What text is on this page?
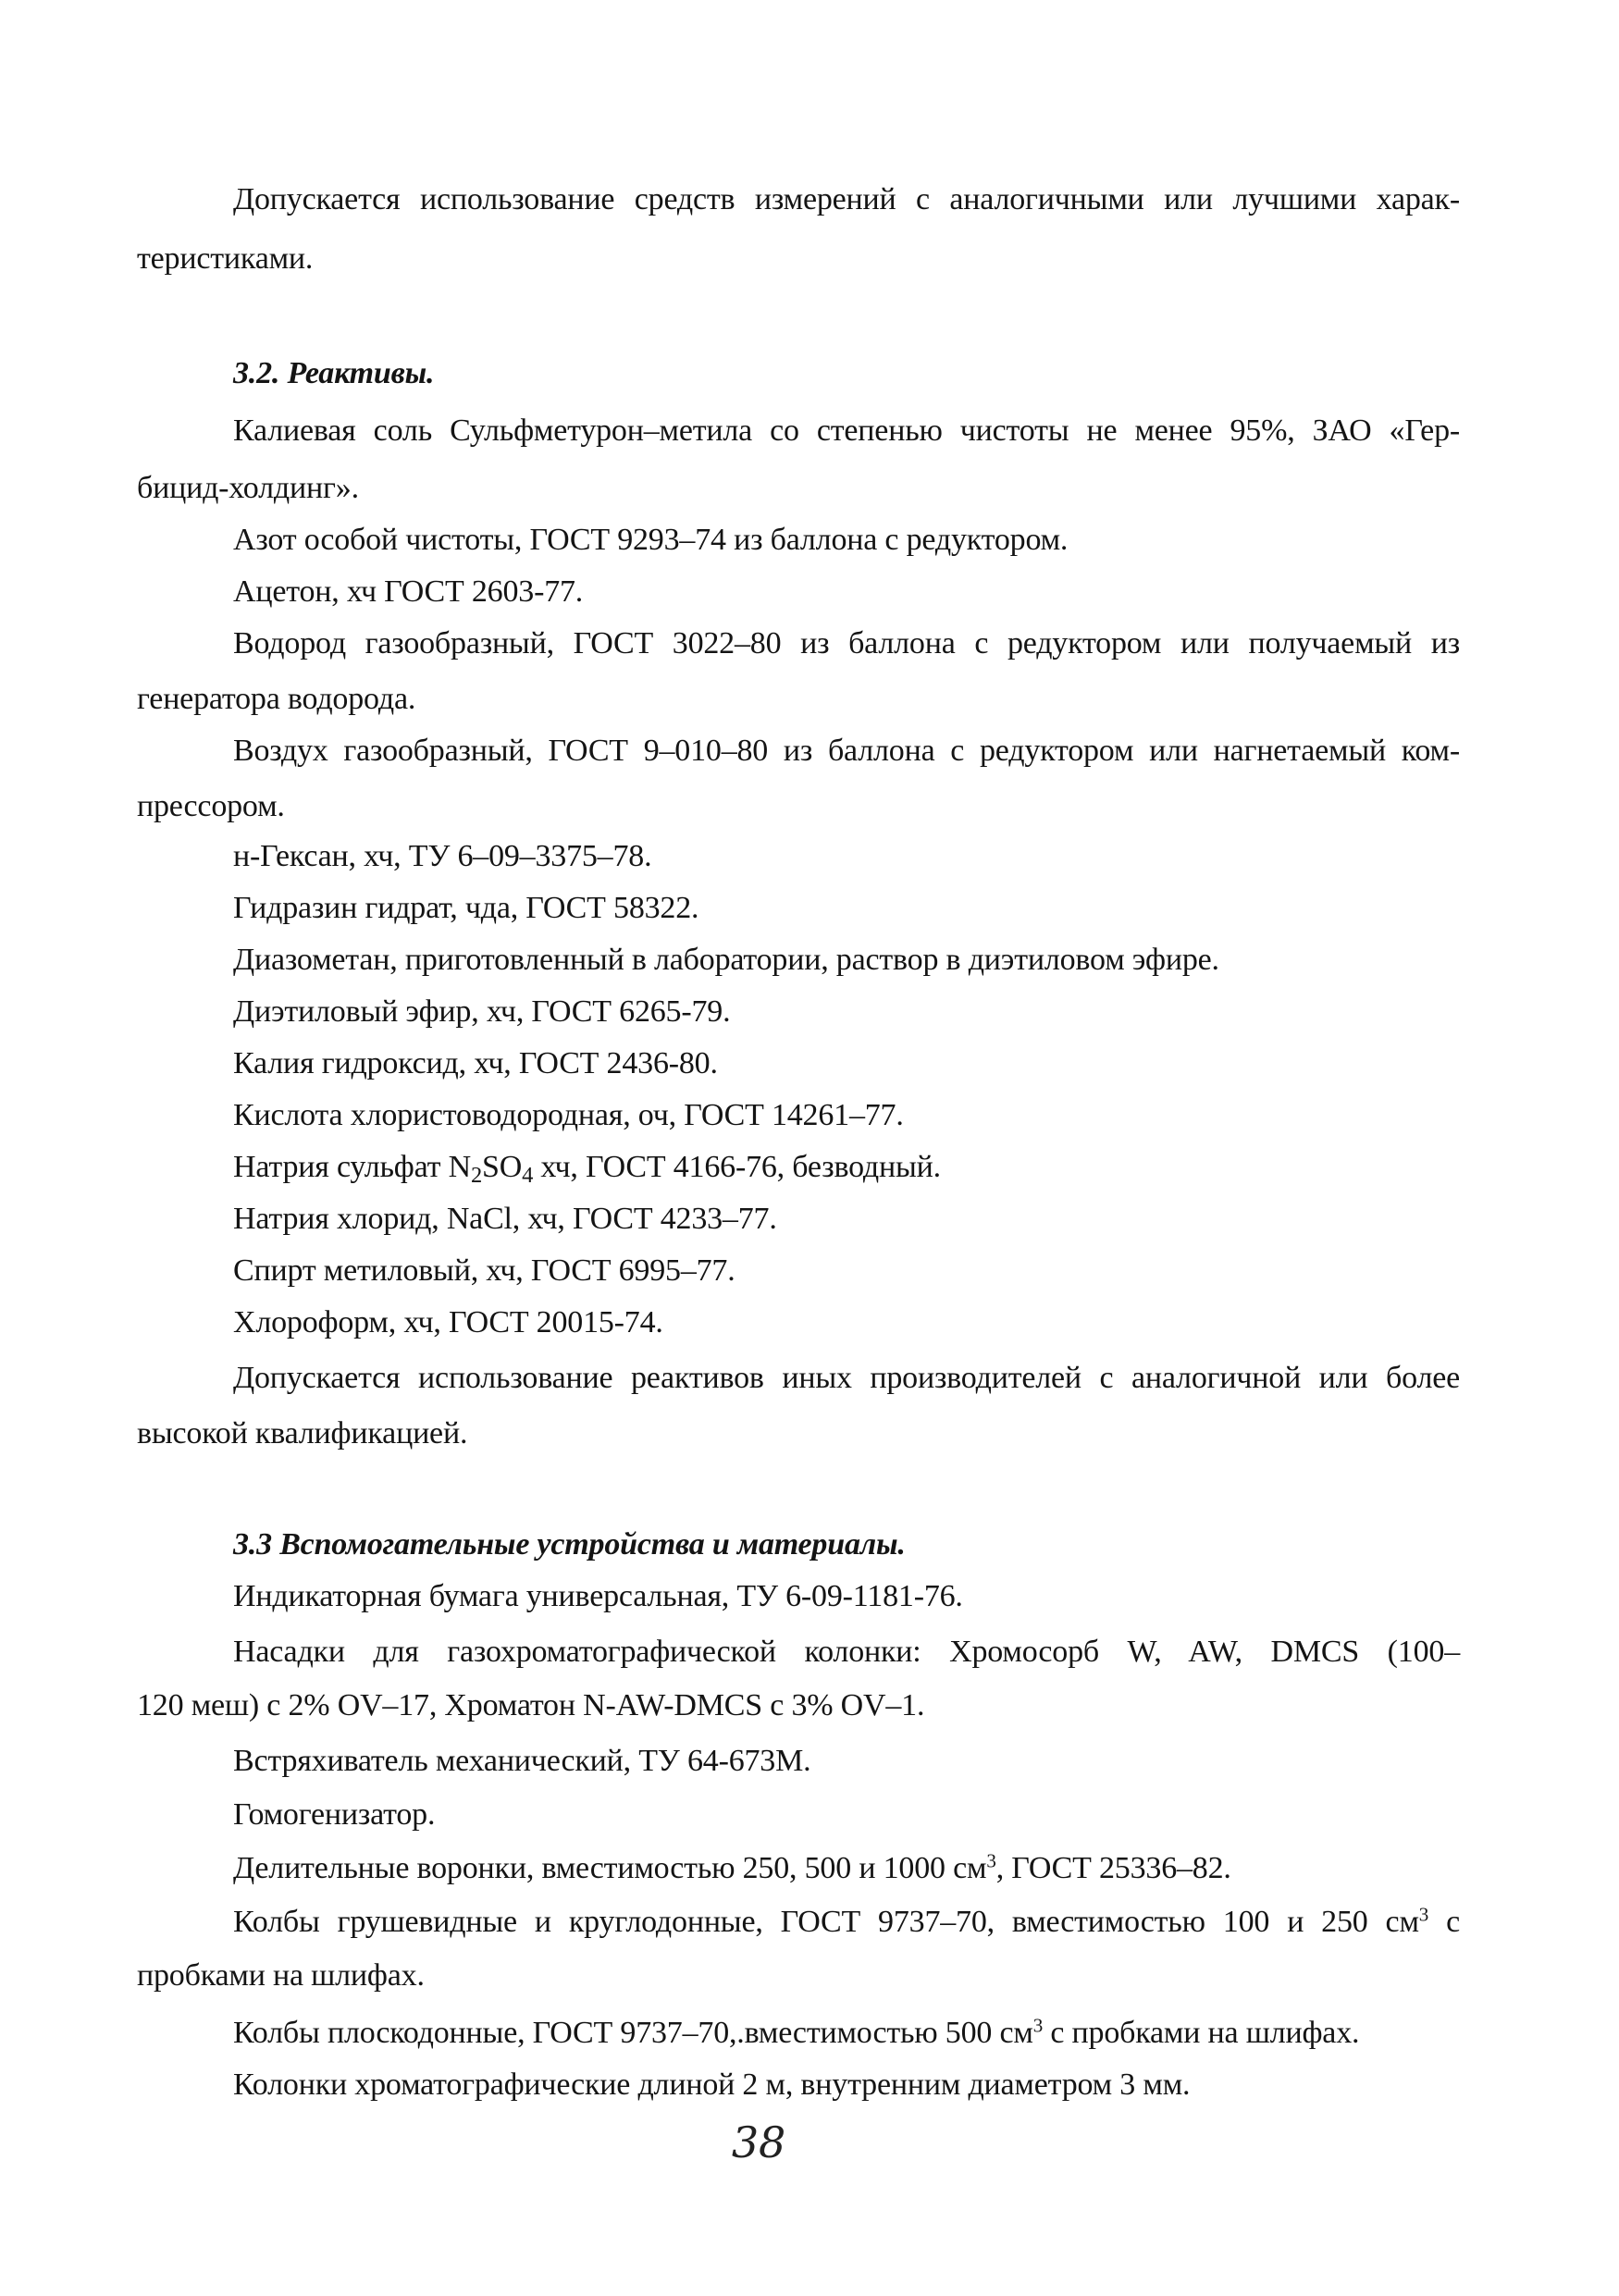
Допускается использование средств измерений с аналогичными или лучшими харак-
теристиками.
3.2. Реактивы.
Калиевая соль Сульфметурон–метила со степенью чистоты не менее 95%, ЗАО «Гер-
бицид-холдинг».
Азот особой чистоты, ГОСТ 9293–74 из баллона с редуктором.
Ацетон, хч ГОСТ 2603-77.
Водород газообразный, ГОСТ 3022–80 из баллона с редуктором или получаемый из
генератора водорода.
Воздух газообразный, ГОСТ 9–010–80 из баллона с редуктором или нагнетаемый ком-
прессором.
н-Гексан, хч, ТУ 6–09–3375–78.
Гидразин гидрат, чда, ГОСТ 58322.
Диазометан, приготовленный в лаборатории, раствор в диэтиловом эфире.
Диэтиловый эфир, хч, ГОСТ 6265-79.
Калия гидроксид, хч, ГОСТ 2436-80.
Кислота хлористоводородная, оч, ГОСТ 14261–77.
Натрия сульфат $N_2SO_4$ хч, ГОСТ 4166-76, безводный.
Натрия хлорид, NaCl, хч, ГОСТ 4233–77.
Спирт метиловый, хч, ГОСТ 6995–77.
Хлороформ, хч, ГОСТ 20015-74.
Допускается использование реактивов иных производителей с аналогичной или более
высокой квалификацией.
3.3 Вспомогательные устройства и материалы.
Индикаторная бумага универсальная, ТУ 6-09-1181-76.
Насадки для газохроматографической колонки: Хромосорб W, AW, DMCS (100–
120 меш) с 2% OV–17, Хроматон N-AW-DMCS с 3% OV–1.
Встряхиватель механический, ТУ 64-673М.
Гомогенизатор.
Делительные воронки, вместимостью 250, 500 и 1000 $см^3$, ГОСТ 25336–82.
Колбы грушевидные и круглодонные, ГОСТ 9737–70, вместимостью 100 и 250 $см^3$ с
пробками на шлифах.
Колбы плоскодонные, ГОСТ 9737–70,.вместимостью 500 $см^3$ с пробками на шлифах.
Колонки хроматографические длиной 2 м, внутренним диаметром 3 мм.
38
